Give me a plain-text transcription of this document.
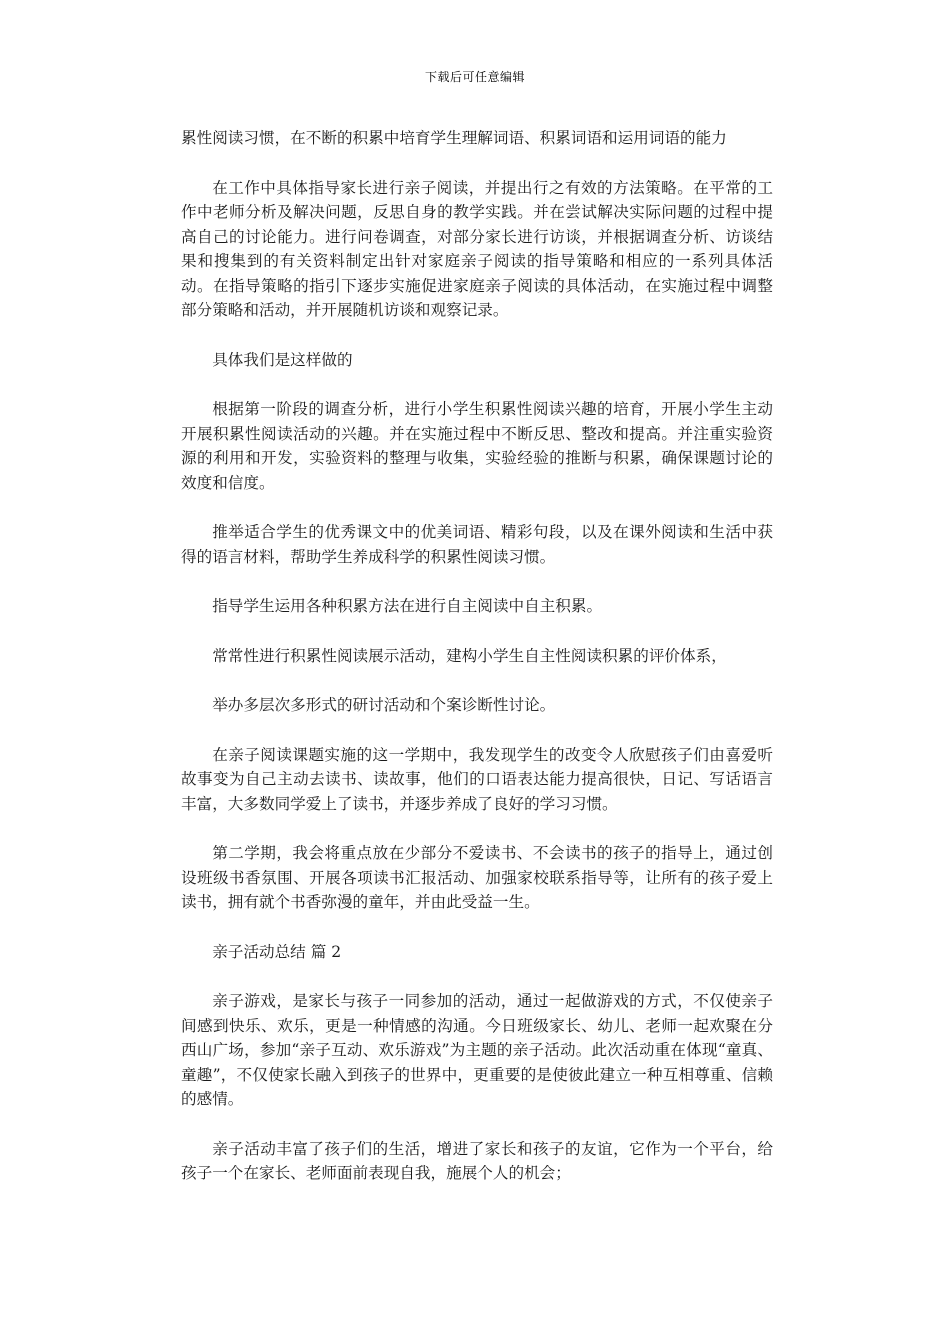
下载后可任意编辑

累性阅读习惯，在不断的积累中培育学生理解词语、积累词语和运用词语的能力

在工作中具体指导家长进行亲子阅读，并提出行之有效的方法策略。在平常的工作中老师分析及解决问题，反思自身的教学实践。并在尝试解决实际问题的过程中提高自己的讨论能力。进行问卷调查，对部分家长进行访谈，并根据调查分析、访谈结果和搜集到的有关资料制定出针对家庭亲子阅读的指导策略和相应的一系列具体活动。在指导策略的指引下逐步实施促进家庭亲子阅读的具体活动，在实施过程中调整部分策略和活动，并开展随机访谈和观察记录。

具体我们是这样做的

根据第一阶段的调查分析，进行小学生积累性阅读兴趣的培育，开展小学生主动开展积累性阅读活动的兴趣。并在实施过程中不断反思、整改和提高。并注重实验资源的利用和开发，实验资料的整理与收集，实验经验的推断与积累，确保课题讨论的效度和信度。

推举适合学生的优秀课文中的优美词语、精彩句段，以及在课外阅读和生活中获得的语言材料，帮助学生养成科学的积累性阅读习惯。

指导学生运用各种积累方法在进行自主阅读中自主积累。

常常性进行积累性阅读展示活动，建构小学生自主性阅读积累的评价体系，

举办多层次多形式的研讨活动和个案诊断性讨论。

在亲子阅读课题实施的这一学期中，我发现学生的改变令人欣慰孩子们由喜爱听故事变为自己主动去读书、读故事，他们的口语表达能力提高很快，日记、写话语言丰富，大多数同学爱上了读书，并逐步养成了良好的学习习惯。

第二学期，我会将重点放在少部分不爱读书、不会读书的孩子的指导上，通过创设班级书香氛围、开展各项读书汇报活动、加强家校联系指导等，让所有的孩子爱上读书，拥有就个书香弥漫的童年，并由此受益一生。

亲子活动总结 篇 2

亲子游戏，是家长与孩子一同参加的活动，通过一起做游戏的方式，不仅使亲子间感到快乐、欢乐，更是一种情感的沟通。今日班级家长、幼儿、老师一起欢聚在分西山广场，参加“亲子互动、欢乐游戏”为主题的亲子活动。此次活动重在体现“童真、童趣”，不仅使家长融入到孩子的世界中，更重要的是使彼此建立一种互相尊重、信赖的感情。

亲子活动丰富了孩子们的生活，增进了家长和孩子的友谊，它作为一个平台，给孩子一个在家长、老师面前表现自我，施展个人的机会；
